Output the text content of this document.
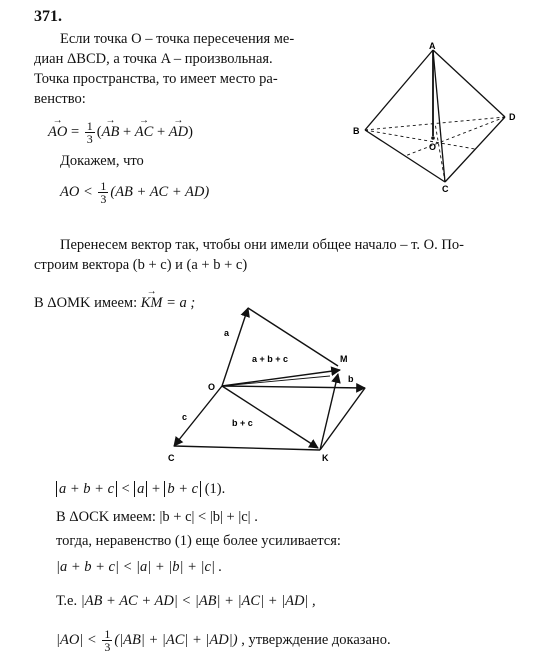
371.
Если точка O – точка пересечения ме-
диан ΔBCD, а точка A – произвольная.
Точка пространства, то имеет место ра-
венство:
→ AO = $\frac{1}{3}$ (→ AB + → AC + → AD)
Докажем, что
AO < $\frac{1}{3} (AB$ + AC + AD)
A
B
O
D
C
Перенесем вектор так, чтобы они имели общее начало – т. O. По-
строим вектора (b + c) и (a + b + c)
В ΔOMK имеем: → KM = a ;
O
M
K
C
a
b
c
a + b + c
b + c
a + b + c < a + b + c (1).
В ΔOCK имеем: |b + c| < |b| + |c| .
тогда, неравенство (1) еще более усиливается:
|a + b + c| < |a| + |b| + |c| .
Т.е. |AB + AC + AD| < |AB| + |AC| + |AD| ,
$|AO| < \frac{1}{3} (|AB| + |AC| + |AD|)$ , утверждение доказано.
